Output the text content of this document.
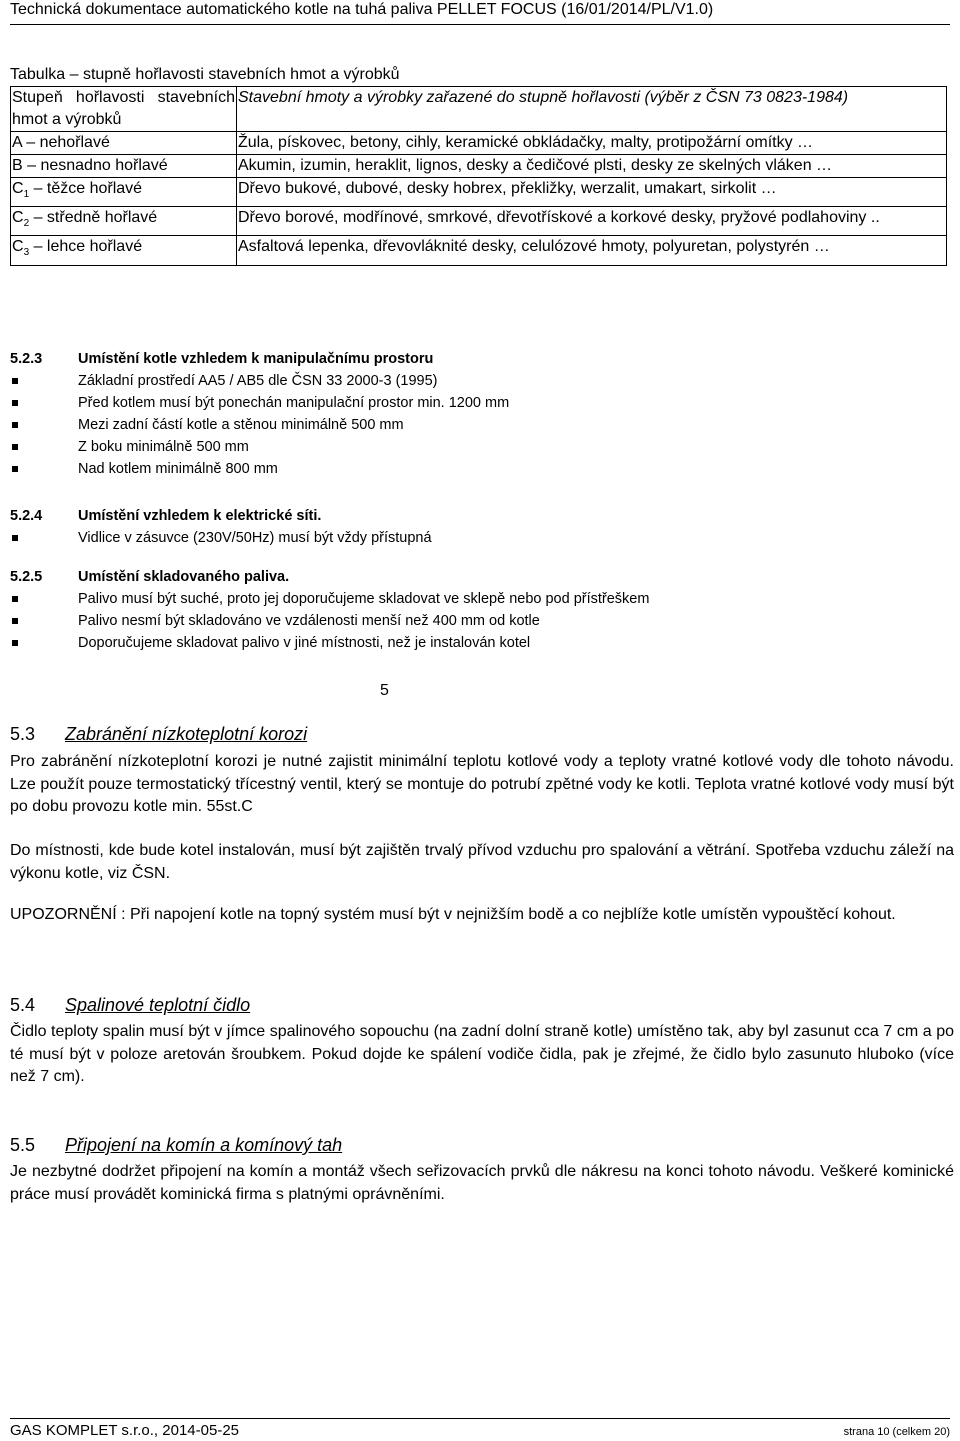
Technická dokumentace automatického kotle na tuhá paliva PELLET FOCUS (16/01/2014/PL/V1.0)
Tabulka – stupně hořlavosti stavebních hmot a výrobků
Stupeň hořlavosti stavebních hmot a výrobků	Stavební hmoty a výrobky zařazené do stupně hořlavosti (výběr z ČSN 73 0823-1984)
A – nehořlavé	Žula, pískovec, betony, cihly, keramické obkládačky, malty, protipožární omítky …
B – nesnadno hořlavé	Akumin, izumin, heraklit, lignos, desky a čedičové plsti, desky ze skelných vláken …
$C_1$ – těžce hořlavé	Dřevo bukové, dubové, desky hobrex, překližky, werzalit, umakart, sirkolit …
$C_2$ – středně hořlavé	Dřevo borové, modřínové, smrkové, dřevotřískové a korkové desky, pryžové podlahoviny ..
$C_3$ – lehce hořlavé	Asfaltová lepenka, dřevovláknité desky, celulózové hmoty, polyuretan, polystyrén …
5.2.3 Umístění kotle vzhledem k manipulačnímu prostoru
Základní prostředí AA5 / AB5 dle ČSN 33 2000-3 (1995)
Před kotlem musí být ponechán manipulační prostor min. 1200 mm
Mezi zadní částí kotle a stěnou minimálně 500 mm
Z boku minimálně 500 mm
Nad kotlem minimálně 800 mm
5.2.4 Umístění vzhledem k elektrické síti.
Vidlice v zásuvce (230V/50Hz) musí být vždy přístupná
5.2.5 Umístění skladovaného paliva.
Palivo musí být suché, proto jej doporučujeme skladovat ve sklepě nebo pod přístřeškem
Palivo nesmí být skladováno ve vzdálenosti menší než 400 mm od kotle
Doporučujeme skladovat palivo v jiné místnosti, než je instalován kotel
5
5.3 Zabránění nízkoteplotní korozi

Pro zabránění nízkoteplotní korozi je nutné zajistit minimální teplotu kotlové vody a teploty vratné kotlové vody dle tohoto návodu. Lze použít pouze termostatický třícestný ventil, který se montuje do potrubí zpětné vody ke kotli. Teplota vratné kotlové vody musí být po dobu provozu kotle min. 55st.C

Do místnosti, kde bude kotel instalován, musí být zajištěn trvalý přívod vzduchu pro spalování a větrání. Spotřeba vzduchu záleží na výkonu kotle, viz ČSN.

UPOZORNĚNÍ : Při napojení kotle na topný systém musí být v nejnižším bodě a co nejblíže kotle umístěn vypouštěcí kohout.

5.4 Spalinové teplotní čidlo

Čidlo teploty spalin musí být v jímce spalinového sopouchu (na zadní dolní straně kotle) umístěno tak, aby byl zasunut cca 7 cm a po té musí být v poloze aretován šroubkem. Pokud dojde ke spálení vodiče čidla, pak je zřejmé, že čidlo bylo zasunuto hluboko (více než 7 cm).

5.5 Připojení na komín a komínový tah

Je nezbytné dodržet připojení na komín a montáž všech seřizovacích prvků dle nákresu na konci tohoto návodu. Veškeré kominické práce musí provádět kominická firma s platnými oprávněními.

GAS KOMPLET s.r.o., 2014-05-25	strana 10 (celkem 20)
